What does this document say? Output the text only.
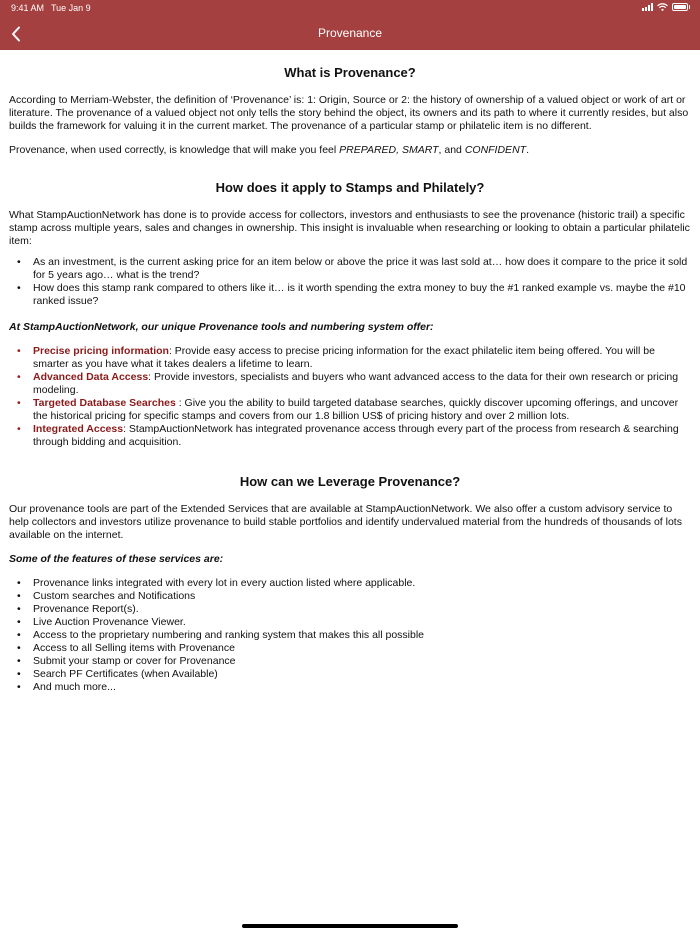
9:41 AM Tue Jan 9
Provenance
What is Provenance?

According to Merriam-Webster, the definition of ‘Provenance’ is: 1: Origin, Source or 2: the history of ownership of a valued object or work of art or literature. The provenance of a valued object not only tells the story behind the object, its owners and its path to where it currently resides, but also builds the framework for valuing it in the current market. The provenance of a particular stamp or philatelic item is no different.

Provenance, when used correctly, is knowledge that will make you feel PREPARED, SMART, and CONFIDENT.

How does it apply to Stamps and Philately?

What StampAuctionNetwork has done is to provide access for collectors, investors and enthusiasts to see the provenance (historic trail) a specific stamp across multiple years, sales and changes in ownership. This insight is invaluable when researching or looking to obtain a particular philatelic item:

• As an investment, is the current asking price for an item below or above the price it was last sold at… how does it compare to the price it sold for 5 years ago… what is the trend?
• How does this stamp rank compared to others like it… is it worth spending the extra money to buy the #1 ranked example vs. maybe the #10 ranked issue?

At StampAuctionNetwork, our unique Provenance tools and numbering system offer:

• Precise pricing information: Provide easy access to precise pricing information for the exact philatelic item being offered. You will be smarter as you have what it takes dealers a lifetime to learn.
• Advanced Data Access: Provide investors, specialists and buyers who want advanced access to the data for their own research or pricing modeling.
• Targeted Database Searches : Give you the ability to build targeted database searches, quickly discover upcoming offerings, and uncover the historical pricing for specific stamps and covers from our 1.8 billion US$ of pricing history and over 2 million lots.
• Integrated Access: StampAuctionNetwork has integrated provenance access through every part of the process from research & searching through bidding and acquisition.
How can we Leverage Provenance?

Our provenance tools are part of the Extended Services that are available at StampAuctionNetwork. We also offer a custom advisory service to help collectors and investors utilize provenance to build stable portfolios and identify undervalued material from the hundreds of thousands of lots available on the internet.

Some of the features of these services are:

• Provenance links integrated with every lot in every auction listed where applicable.
• Custom searches and Notifications
• Provenance Report(s).
• Live Auction Provenance Viewer.
• Access to the proprietary numbering and ranking system that makes this all possible
• Access to all Selling items with Provenance
• Submit your stamp or cover for Provenance
• Search PF Certificates (when Available)
• And much more...
